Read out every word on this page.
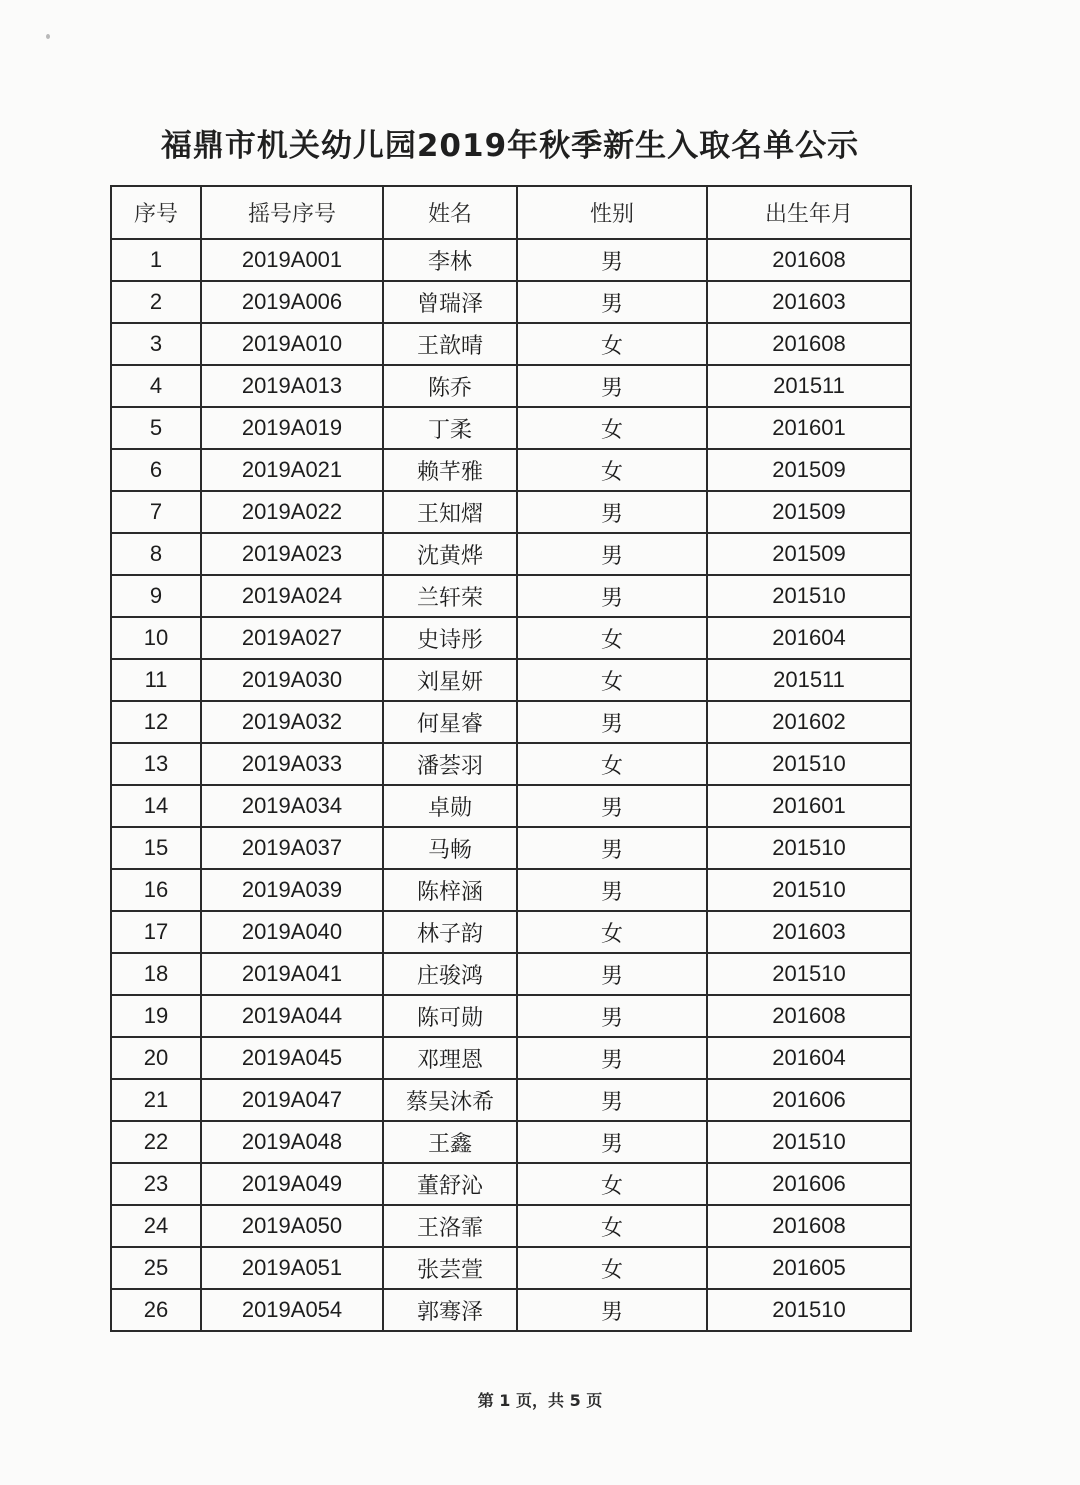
福鼎市机关幼儿园2019年秋季新生入取名单公示
序号	摇号序号	姓名	性别	出生年月
1	2019A001	李林	男	201608
2	2019A006	曾瑞泽	男	201603
3	2019A010	王歆晴	女	201608
4	2019A013	陈乔	男	201511
5	2019A019	丁柔	女	201601
6	2019A021	赖芊雅	女	201509
7	2019A022	王知熠	男	201509
8	2019A023	沈黄烨	男	201509
9	2019A024	兰轩荣	男	201510
10	2019A027	史诗彤	女	201604
11	2019A030	刘星妍	女	201511
12	2019A032	何星睿	男	201602
13	2019A033	潘荟羽	女	201510
14	2019A034	卓勋	男	201601
15	2019A037	马畅	男	201510
16	2019A039	陈梓涵	男	201510
17	2019A040	林子韵	女	201603
18	2019A041	庄骏鸿	男	201510
19	2019A044	陈可勋	男	201608
20	2019A045	邓理恩	男	201604
21	2019A047	蔡吴沐希	男	201606
22	2019A048	王鑫	男	201510
23	2019A049	董舒沁	女	201606
24	2019A050	王洛霏	女	201608
25	2019A051	张芸萱	女	201605
26	2019A054	郭骞泽	男	201510
第 1 页，共 5 页
